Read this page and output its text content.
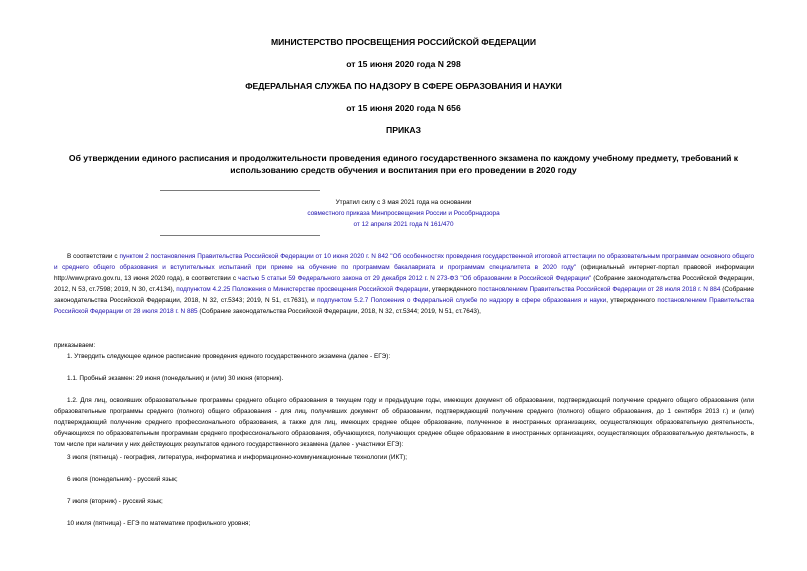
МИНИСТЕРСТВО ПРОСВЕЩЕНИЯ РОССИЙСКОЙ ФЕДЕРАЦИИ
от 15 июня 2020 года N 298
ФЕДЕРАЛЬНАЯ СЛУЖБА ПО НАДЗОРУ В СФЕРЕ ОБРАЗОВАНИЯ И НАУКИ
от 15 июня 2020 года N 656
ПРИКАЗ
Об утверждении единого расписания и продолжительности проведения единого государственного экзамена по каждому учебному предмету, требований к использованию средств обучения и воспитания при его проведении в 2020 году
Утратил силу с 3 мая 2021 года на основании
совместного приказа Минпросвещения России и Рособрнадзора
от 12 апреля 2021 года N 161/470
В соответствии с пунктом 2 постановления Правительства Российской Федерации от 10 июня 2020 г. N 842 "Об особенностях проведения государственной итоговой аттестации по образовательным программам основного общего и среднего общего образования и вступительных испытаний при приеме на обучение по программам бакалавриата и программам специалитета в 2020 году" (официальный интернет-портал правовой информации http://www.pravo.gov.ru, 13 июня 2020 года), в соответствии с частью 5 статьи 59 Федерального закона от 29 декабря 2012 г. N 273-ФЗ "Об образовании в Российской Федерации" (Собрание законодательства Российской Федерации, 2012, N 53, ст.7598; 2019, N 30, ст.4134), подпунктом 4.2.25 Положения о Министерстве просвещения Российской Федерации, утвержденного постановлением Правительства Российской Федерации от 28 июля 2018 г. N 884 (Собрание законодательства Российской Федерации, 2018, N 32, ст.5343; 2019, N 51, ст.7631), и подпунктом 5.2.7 Положения о Федеральной службе по надзору в сфере образования и науки, утвержденного постановлением Правительства Российской Федерации от 28 июля 2018 г. N 885 (Собрание законодательства Российской Федерации, 2018, N 32, ст.5344; 2019, N 51, ст.7643),
приказываем:
1. Утвердить следующее единое расписание проведения единого государственного экзамена (далее - ЕГЭ):
1.1. Пробный экзамен: 29 июня (понедельник) и (или) 30 июня (вторник).
1.2. Для лиц, освоивших образовательные программы среднего общего образования в текущем году и предыдущие годы, имеющих документ об образовании, подтверждающий получение среднего общего образования (или образовательные программы среднего (полного) общего образования - для лиц, получивших документ об образовании, подтверждающий получение среднего (полного) общего образования, до 1 сентября 2013 г.) и (или) подтверждающий получение среднего профессионального образования, а также для лиц, имеющих среднее общее образование, полученное в иностранных организациях, осуществляющих образовательную деятельность, обучающихся по образовательным программам среднего профессионального образования, обучающихся, получающих среднее общее образование в иностранных организациях, осуществляющих образовательную деятельность, в том числе при наличии у них действующих результатов единого государственного экзамена (далее - участники ЕГЭ):
3 июля (пятница) - география, литература, информатика и информационно-коммуникационные технологии (ИКТ);
6 июля (понедельник) - русский язык;
7 июля (вторник) - русский язык;
10 июля (пятница) - ЕГЭ по математике профильного уровня;
